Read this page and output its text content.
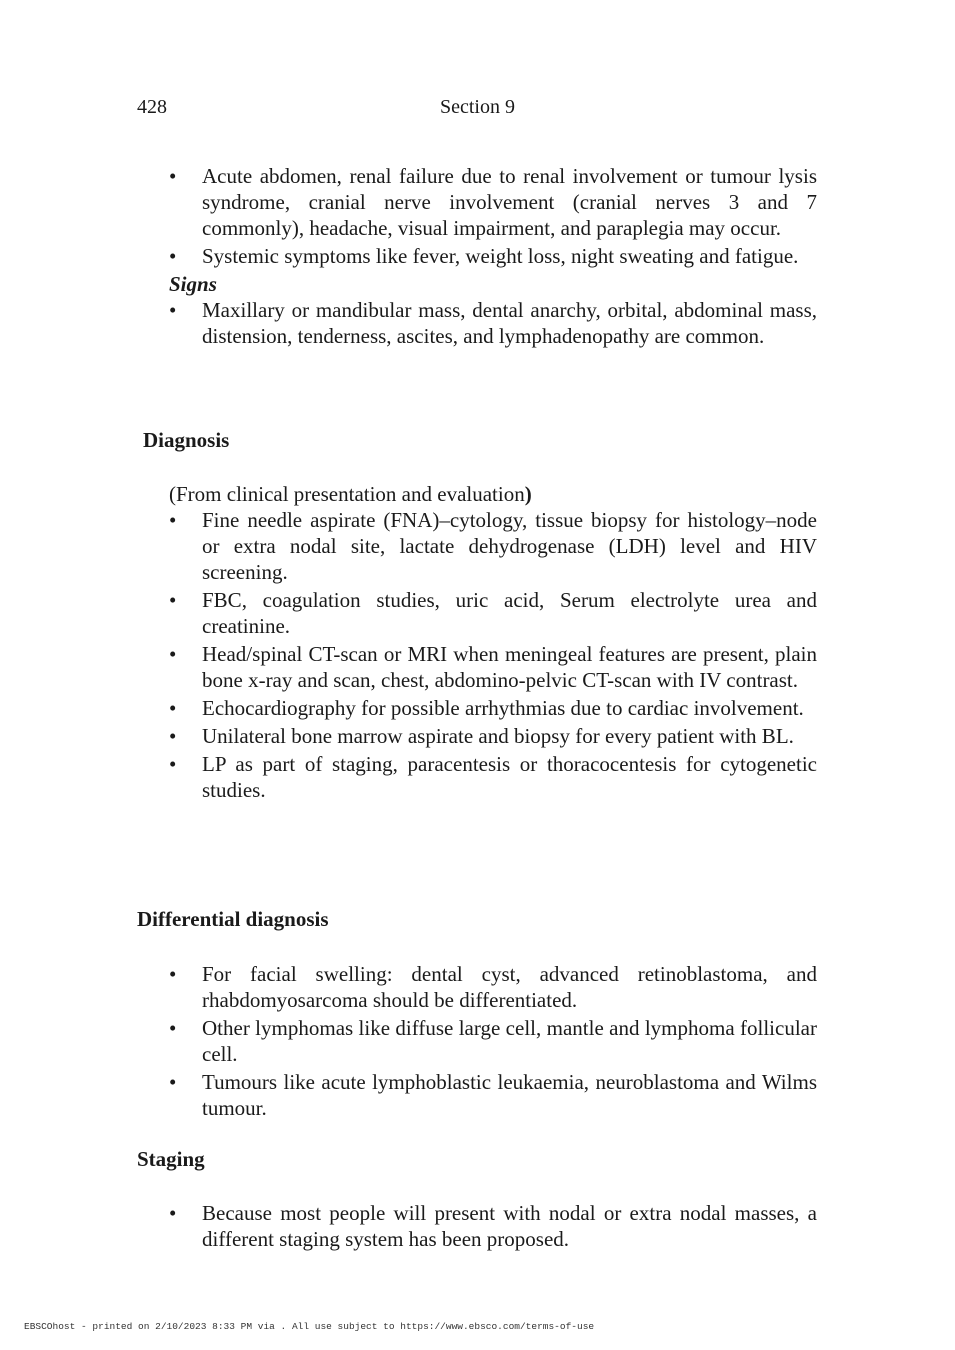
428	Section 9
• Acute abdomen, renal failure due to renal involvement or tumour lysis syndrome, cranial nerve involvement (cranial nerves 3 and 7 commonly), headache, visual impairment, and paraplegia may occur.
• Systemic symptoms like fever, weight loss, night sweating and fatigue.
Signs
• Maxillary or mandibular mass, dental anarchy, orbital, abdominal mass, distension, tenderness, ascites, and lymphadenopathy are common.
Diagnosis
(From clinical presentation and evaluation)
• Fine needle aspirate (FNA)–cytology, tissue biopsy for histology–node or extra nodal site, lactate dehydrogenase (LDH) level and HIV screening.
• FBC, coagulation studies, uric acid, Serum electrolyte urea and creatinine.
• Head/spinal CT-scan or MRI when meningeal features are present, plain bone x-ray and scan, chest, abdomino-pelvic CT-scan with IV contrast.
• Echocardiography for possible arrhythmias due to cardiac involvement.
• Unilateral bone marrow aspirate and biopsy for every patient with BL.
• LP as part of staging, paracentesis or thoracocentesis for cytogenetic studies.
Differential diagnosis
• For facial swelling: dental cyst, advanced retinoblastoma, and rhabdomyosarcoma should be differentiated.
• Other lymphomas like diffuse large cell, mantle and lymphoma follicular cell.
• Tumours like acute lymphoblastic leukaemia, neuroblastoma and Wilms tumour.
Staging
• Because most people will present with nodal or extra nodal masses, a different staging system has been proposed.
EBSCOhost - printed on 2/10/2023 8:33 PM via . All use subject to https://www.ebsco.com/terms-of-use
